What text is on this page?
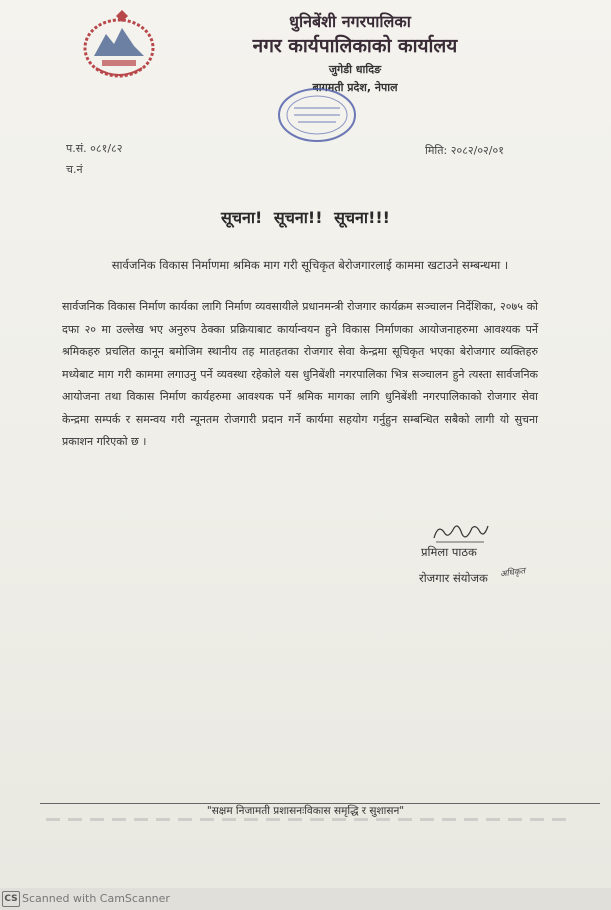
धुनिबेंशी नगरपालिका
नगर कार्यपालिकाको कार्यालय
जुगेडी धादिङ
बागमती प्रदेश, नेपाल
प.सं. ०८१/८२
च.नं
मिति: २०८२/०२/०१
सूचना! सूचना!! सूचना!!!
सार्वजनिक विकास निर्माणमा श्रमिक माग गरी सूचिकृत बेरोजगारलाई काममा खटाउने सम्बन्धमा ।
सार्वजनिक विकास निर्माण कार्यका लागि निर्माण व्यवसायीले प्रधानमन्त्री रोजगार कार्यक्रम सञ्चालन निर्देशिका, २०७५ को दफा २० मा उल्लेख भए अनुरुप ठेक्का प्रक्रियाबाट कार्यान्वयन हुने विकास निर्माणका आयोजनाहरुमा आवश्यक पर्ने श्रमिकहरु प्रचलित कानून बमोजिम स्थानीय तह मातहतका रोजगार सेवा केन्द्रमा सूचिकृत भएका बेरोजगार व्यक्तिहरु मध्येबाट माग गरी काममा लगाउनु पर्ने व्यवस्था रहेकोले यस धुनिबेंशी नगरपालिका भित्र सञ्चालन हुने त्यस्ता सार्वजनिक आयोजना तथा विकास निर्माण कार्यहरुमा आवश्यक पर्ने श्रमिक मागका लागि धुनिबेंशी नगरपालिकाको रोजगार सेवा केन्द्रमा सम्पर्क र समन्वय गरी न्यूनतम रोजगारी प्रदान गर्ने कार्यमा सहयोग गर्नुहुन सम्बन्धित सबैको लागी यो सुचना प्रकाशन गरिएको छ ।
प्रमिला पाठक
रोजगार संयोजक अधिकृत
"सक्षम निजामती प्रशासनःविकास समृद्धि र सुशासन"
CS Scanned with CamScanner
